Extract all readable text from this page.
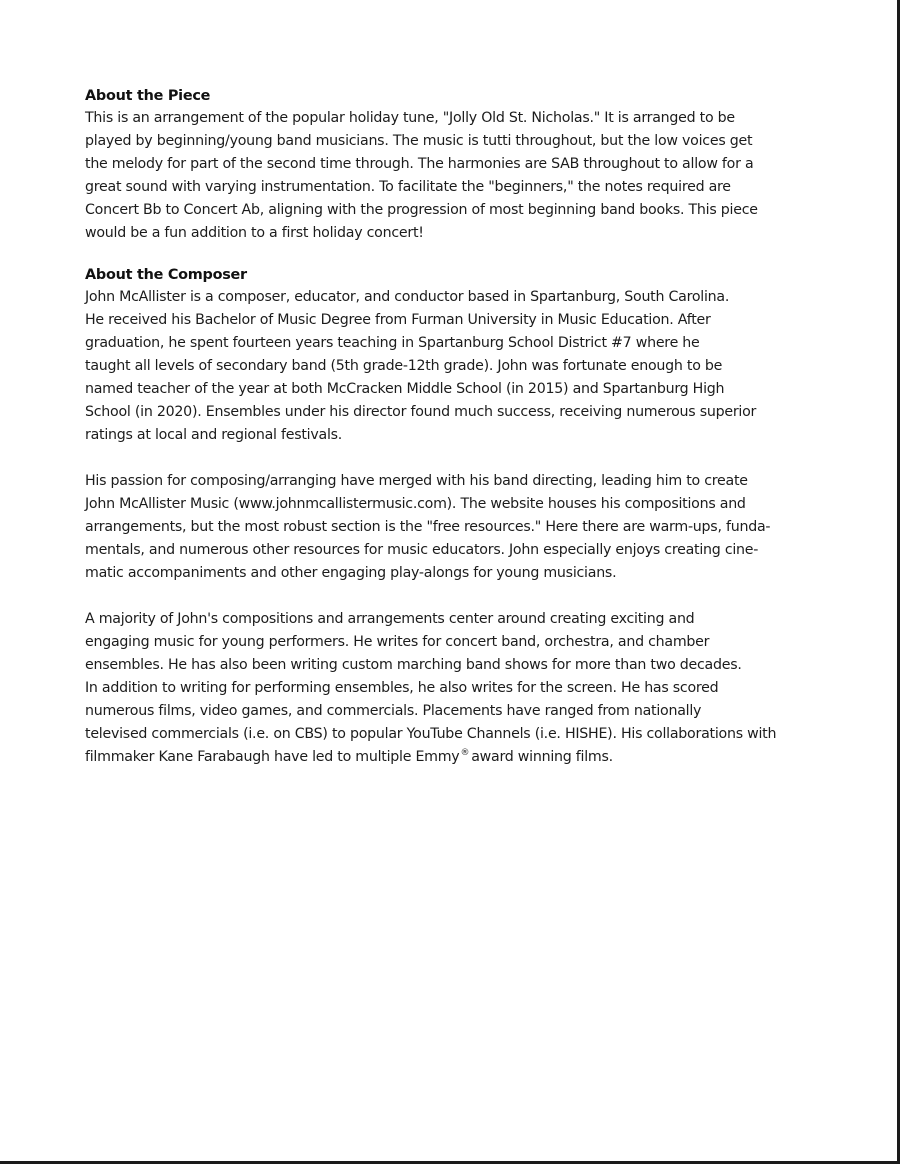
About the Piece

This is an arrangement of the popular holiday tune, "Jolly Old St. Nicholas." It is arranged to be
played by beginning/young band musicians. The music is tutti throughout, but the low voices get
the melody for part of the second time through. The harmonies are SAB throughout to allow for a
great sound with varying instrumentation. To facilitate the "beginners," the notes required are
Concert Bb to Concert Ab, aligning with the progression of most beginning band books. This piece
would be a fun addition to a first holiday concert!

About the Composer

John McAllister is a composer, educator, and conductor based in Spartanburg, South Carolina.
He received his Bachelor of Music Degree from Furman University in Music Education. After
graduation, he spent fourteen years teaching in Spartanburg School District #7 where he
taught all levels of secondary band (5th grade-12th grade). John was fortunate enough to be
named teacher of the year at both McCracken Middle School (in 2015) and Spartanburg High
School (in 2020). Ensembles under his director found much success, receiving numerous superior
ratings at local and regional festivals.

His passion for composing/arranging have merged with his band directing, leading him to create
John McAllister Music (www.johnmcallistermusic.com). The website houses his compositions and
arrangements, but the most robust section is the "free resources." Here there are warm-ups, funda-
mentals, and numerous other resources for music educators. John especially enjoys creating cine-
matic accompaniments and other engaging play-alongs for young musicians.

A majority of John's compositions and arrangements center around creating exciting and
engaging music for young performers. He writes for concert band, orchestra, and chamber
ensembles. He has also been writing custom marching band shows for more than two decades.
In addition to writing for performing ensembles, he also writes for the screen. He has scored
numerous films, video games, and commercials. Placements have ranged from nationally
televised commercials (i.e. on CBS) to popular YouTube Channels (i.e. HISHE). His collaborations with
filmmaker Kane Farabaugh have led to multiple Emmy® award winning films.
